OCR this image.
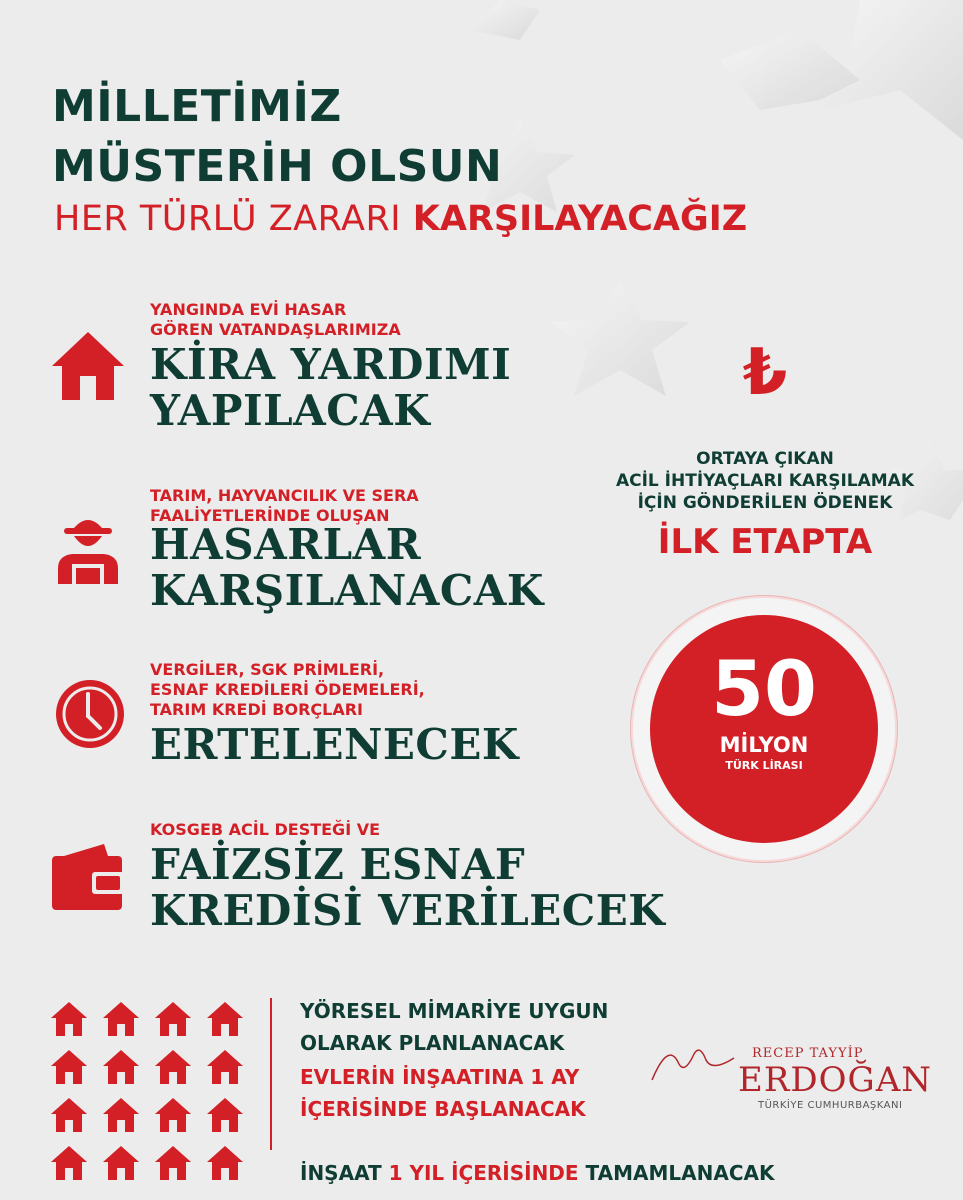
MİLLETİMİZ
MÜSTERİH OLSUN
HER TÜRLÜ ZARARI KARŞILAYACAĞIZ
YANGINDA EVİ HASAR
GÖREN VATANDAŞLARIMIZA
KİRA YARDIMI
YAPILACAK
TARIM, HAYVANCILIK VE SERA
FAALİYETLERİNDE OLUŞAN
HASARLAR
KARŞILANACAK
VERGİLER, SGK PRİMLERİ,
ESNAF KREDİLERİ ÖDEMELERİ,
TARIM KREDİ BORÇLARI
ERTELENECEK
KOSGEB ACİL DESTEĞİ VE
FAİZSİZ ESNAF
KREDİSİ VERİLECEK
₺
ORTAYA ÇIKAN
ACİL İHTİYAÇLARI KARŞILAMAK
İÇİN GÖNDERİLEN ÖDENEK
İLK ETAPTA
50
MİLYON
TÜRK LİRASI
YÖRESEL MİMARİYE UYGUN
OLARAK PLANLANACAK
EVLERİN İNŞAATINA 1 AY
İÇERİSİNDE BAŞLANACAK
İNŞAAT 1 YIL İÇERİSİNDE TAMAMLANACAK
RECEP TAYYİP
ERDOĞAN
TÜRKİYE CUMHURBAŞKANI
